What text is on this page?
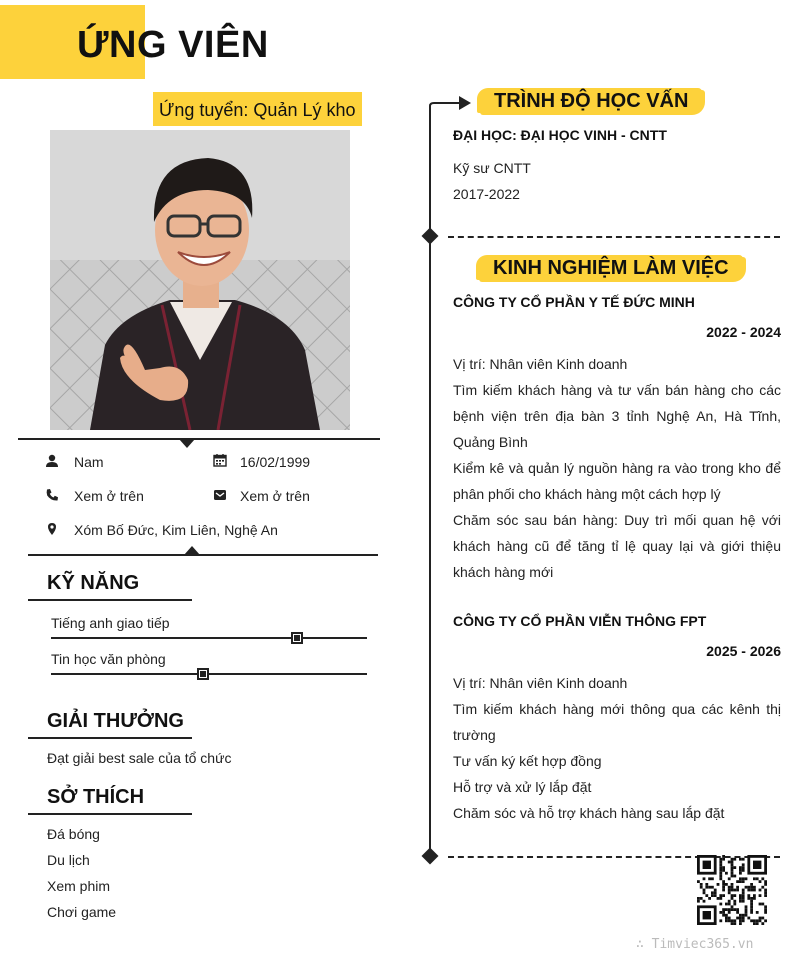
ỨNG VIÊN
Ứng tuyển: Quản Lý kho
Nam	16/02/1999
Xem ở trên	Xem ở trên
Xóm Bố Đức, Kim Liên, Nghệ An
KỸ NĂNG
Tiếng anh giao tiếp
Tin học văn phòng
GIẢI THƯỞNG
Đạt giải best sale của tổ chức
SỞ THÍCH
Đá bóng
Du lịch
Xem phim
Chơi game
TRÌNH ĐỘ HỌC VẤN
ĐẠI HỌC: ĐẠI HỌC VINH - CNTT
Kỹ sư CNTT
2017-2022
KINH NGHIỆM LÀM VIỆC
CÔNG TY CỔ PHẦN Y TẾ ĐỨC MINH
2022 - 2024
Vị trí: Nhân viên Kinh doanh
Tìm kiếm khách hàng và tư vấn bán hàng cho các bệnh viện trên địa bàn 3 tỉnh Nghệ An, Hà Tĩnh, Quảng Bình
Kiểm kê và quản lý nguồn hàng ra vào trong kho để phân phối cho khách hàng một cách hợp lý
Chăm sóc sau bán hàng: Duy trì mối quan hệ với khách hàng cũ để tăng tỉ lệ quay lại và giới thiệu khách hàng mới
CÔNG TY CỔ PHẦN VIỄN THÔNG FPT
2025 - 2026
Vị trí: Nhân viên Kinh doanh
Tìm kiếm khách hàng mới thông qua các kênh thị trường
Tư vấn ký kết hợp đồng
Hỗ trợ và xử lý lắp đặt
Chăm sóc và hỗ trợ khách hàng sau lắp đặt
∴ Timviec365.vn
